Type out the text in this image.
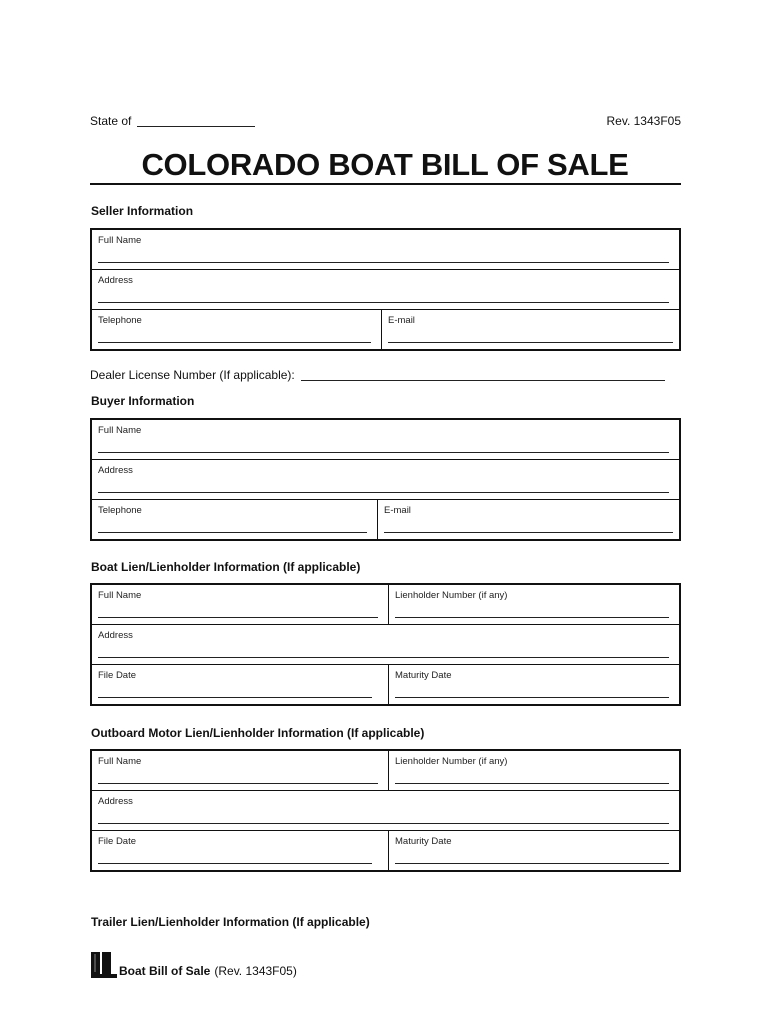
State of	Rev. 1343F05
COLORADO BOAT BILL OF SALE
Seller Information
Full Name
Address
Telephone	E-mail
Dealer License Number (If applicable):
Buyer Information
Full Name
Address
Telephone	E-mail
Boat Lien/Lienholder Information (If applicable)
Full Name	Lienholder Number (if any)
Address
File Date	Maturity Date
Outboard Motor Lien/Lienholder Information (If applicable)
Full Name	Lienholder Number (if any)
Address
File Date	Maturity Date
Trailer Lien/Lienholder Information (If applicable)
Boat Bill of Sale (Rev. 1343F05)
